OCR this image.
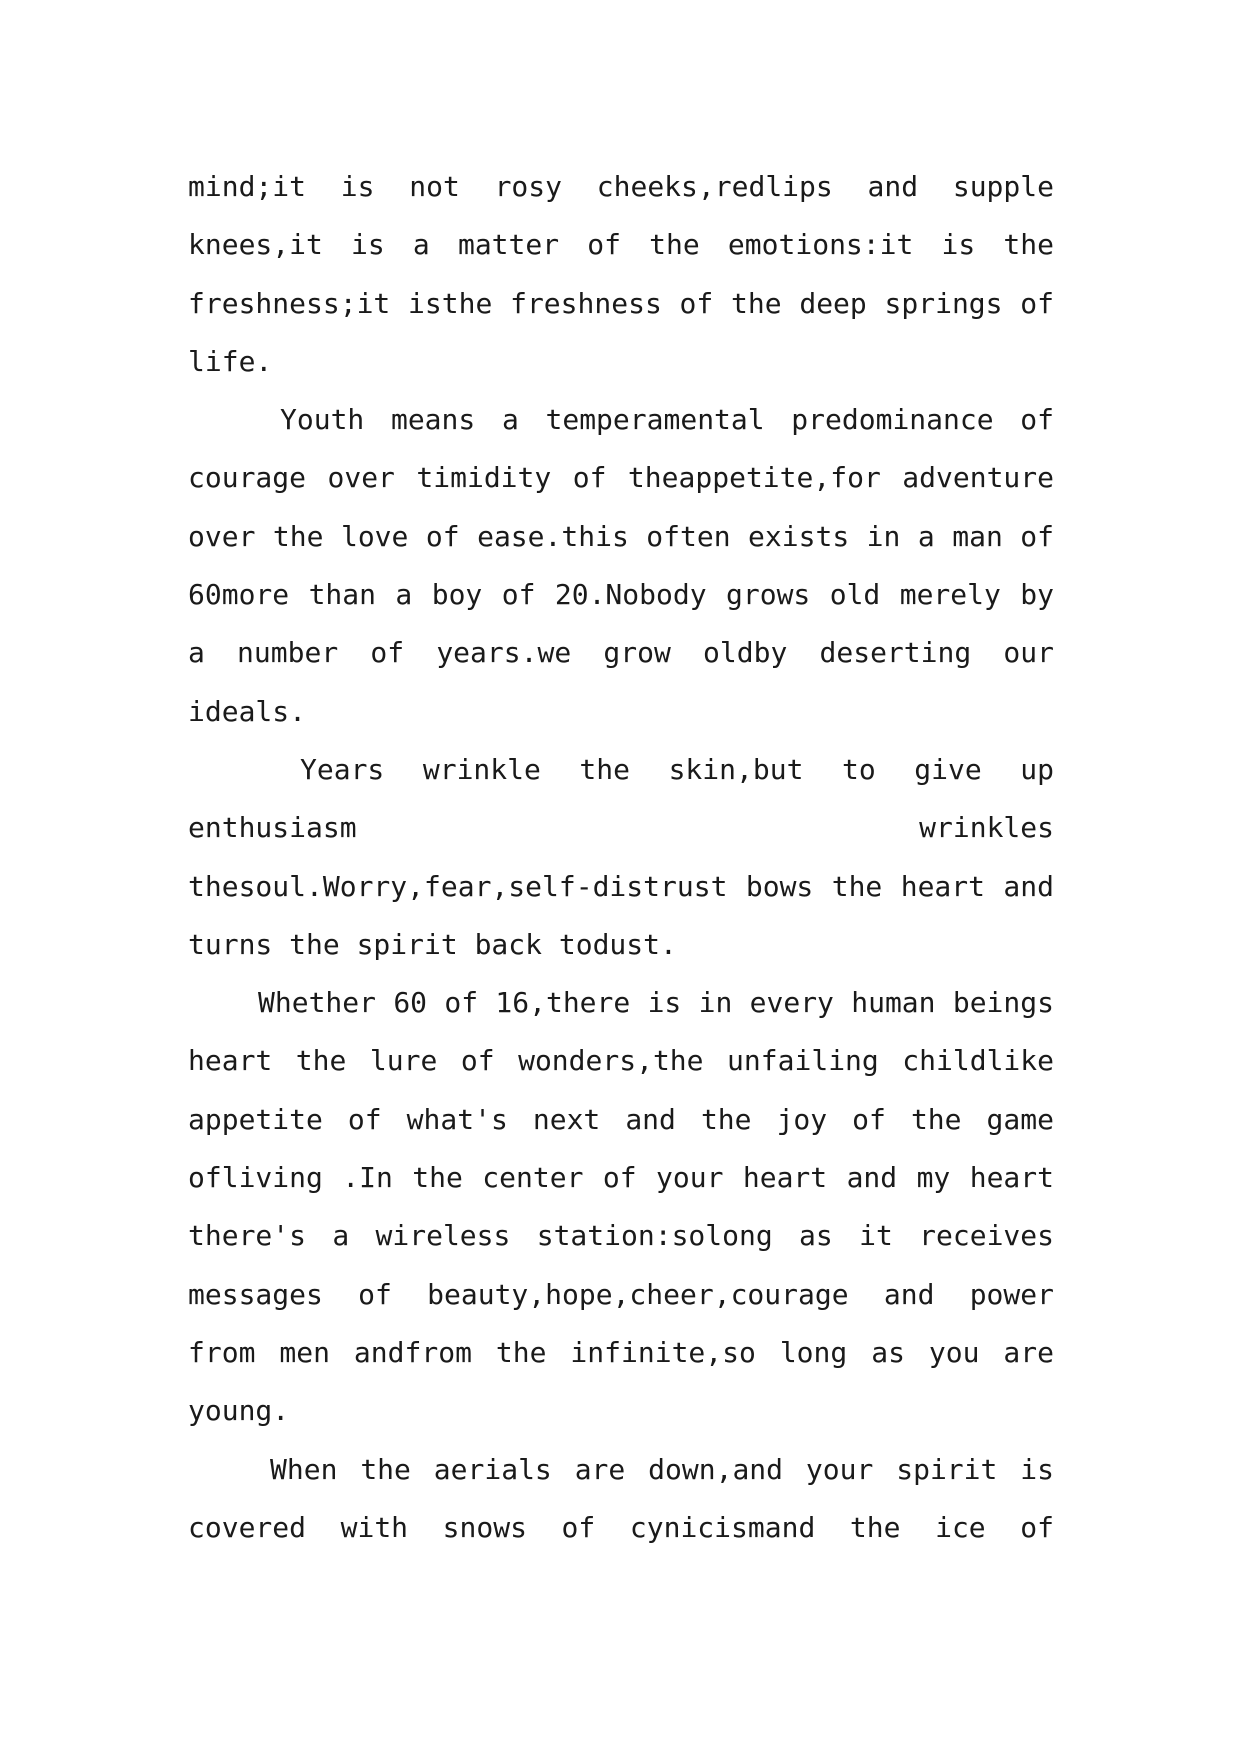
mind;it is not rosy cheeks,redlips and supple
knees,it is a matter of the emotions:it is the
freshness;it isthe freshness of the deep springs of
life.
Youth means a temperamental predominance of
courage over timidity of theappetite,for adventure
over the love of ease.this often exists in a man of
60more than a boy of 20.Nobody grows old merely by
a number of years.we grow oldby deserting our
ideals.
Years wrinkle the skin,but to give up
enthusiasm wrinkles
thesoul.Worry,fear,self-distrust bows the heart and
turns the spirit back todust.
Whether 60 of 16,there is in every human beings
heart the lure of wonders,the unfailing childlike
appetite of what's next and the joy of the game
ofliving .In the center of your heart and my heart
there's a wireless station:solong as it receives
messages of beauty,hope,cheer,courage and power
from men andfrom the infinite,so long as you are
young.
When the aerials are down,and your spirit is
covered with snows of cynicismand the ice of
